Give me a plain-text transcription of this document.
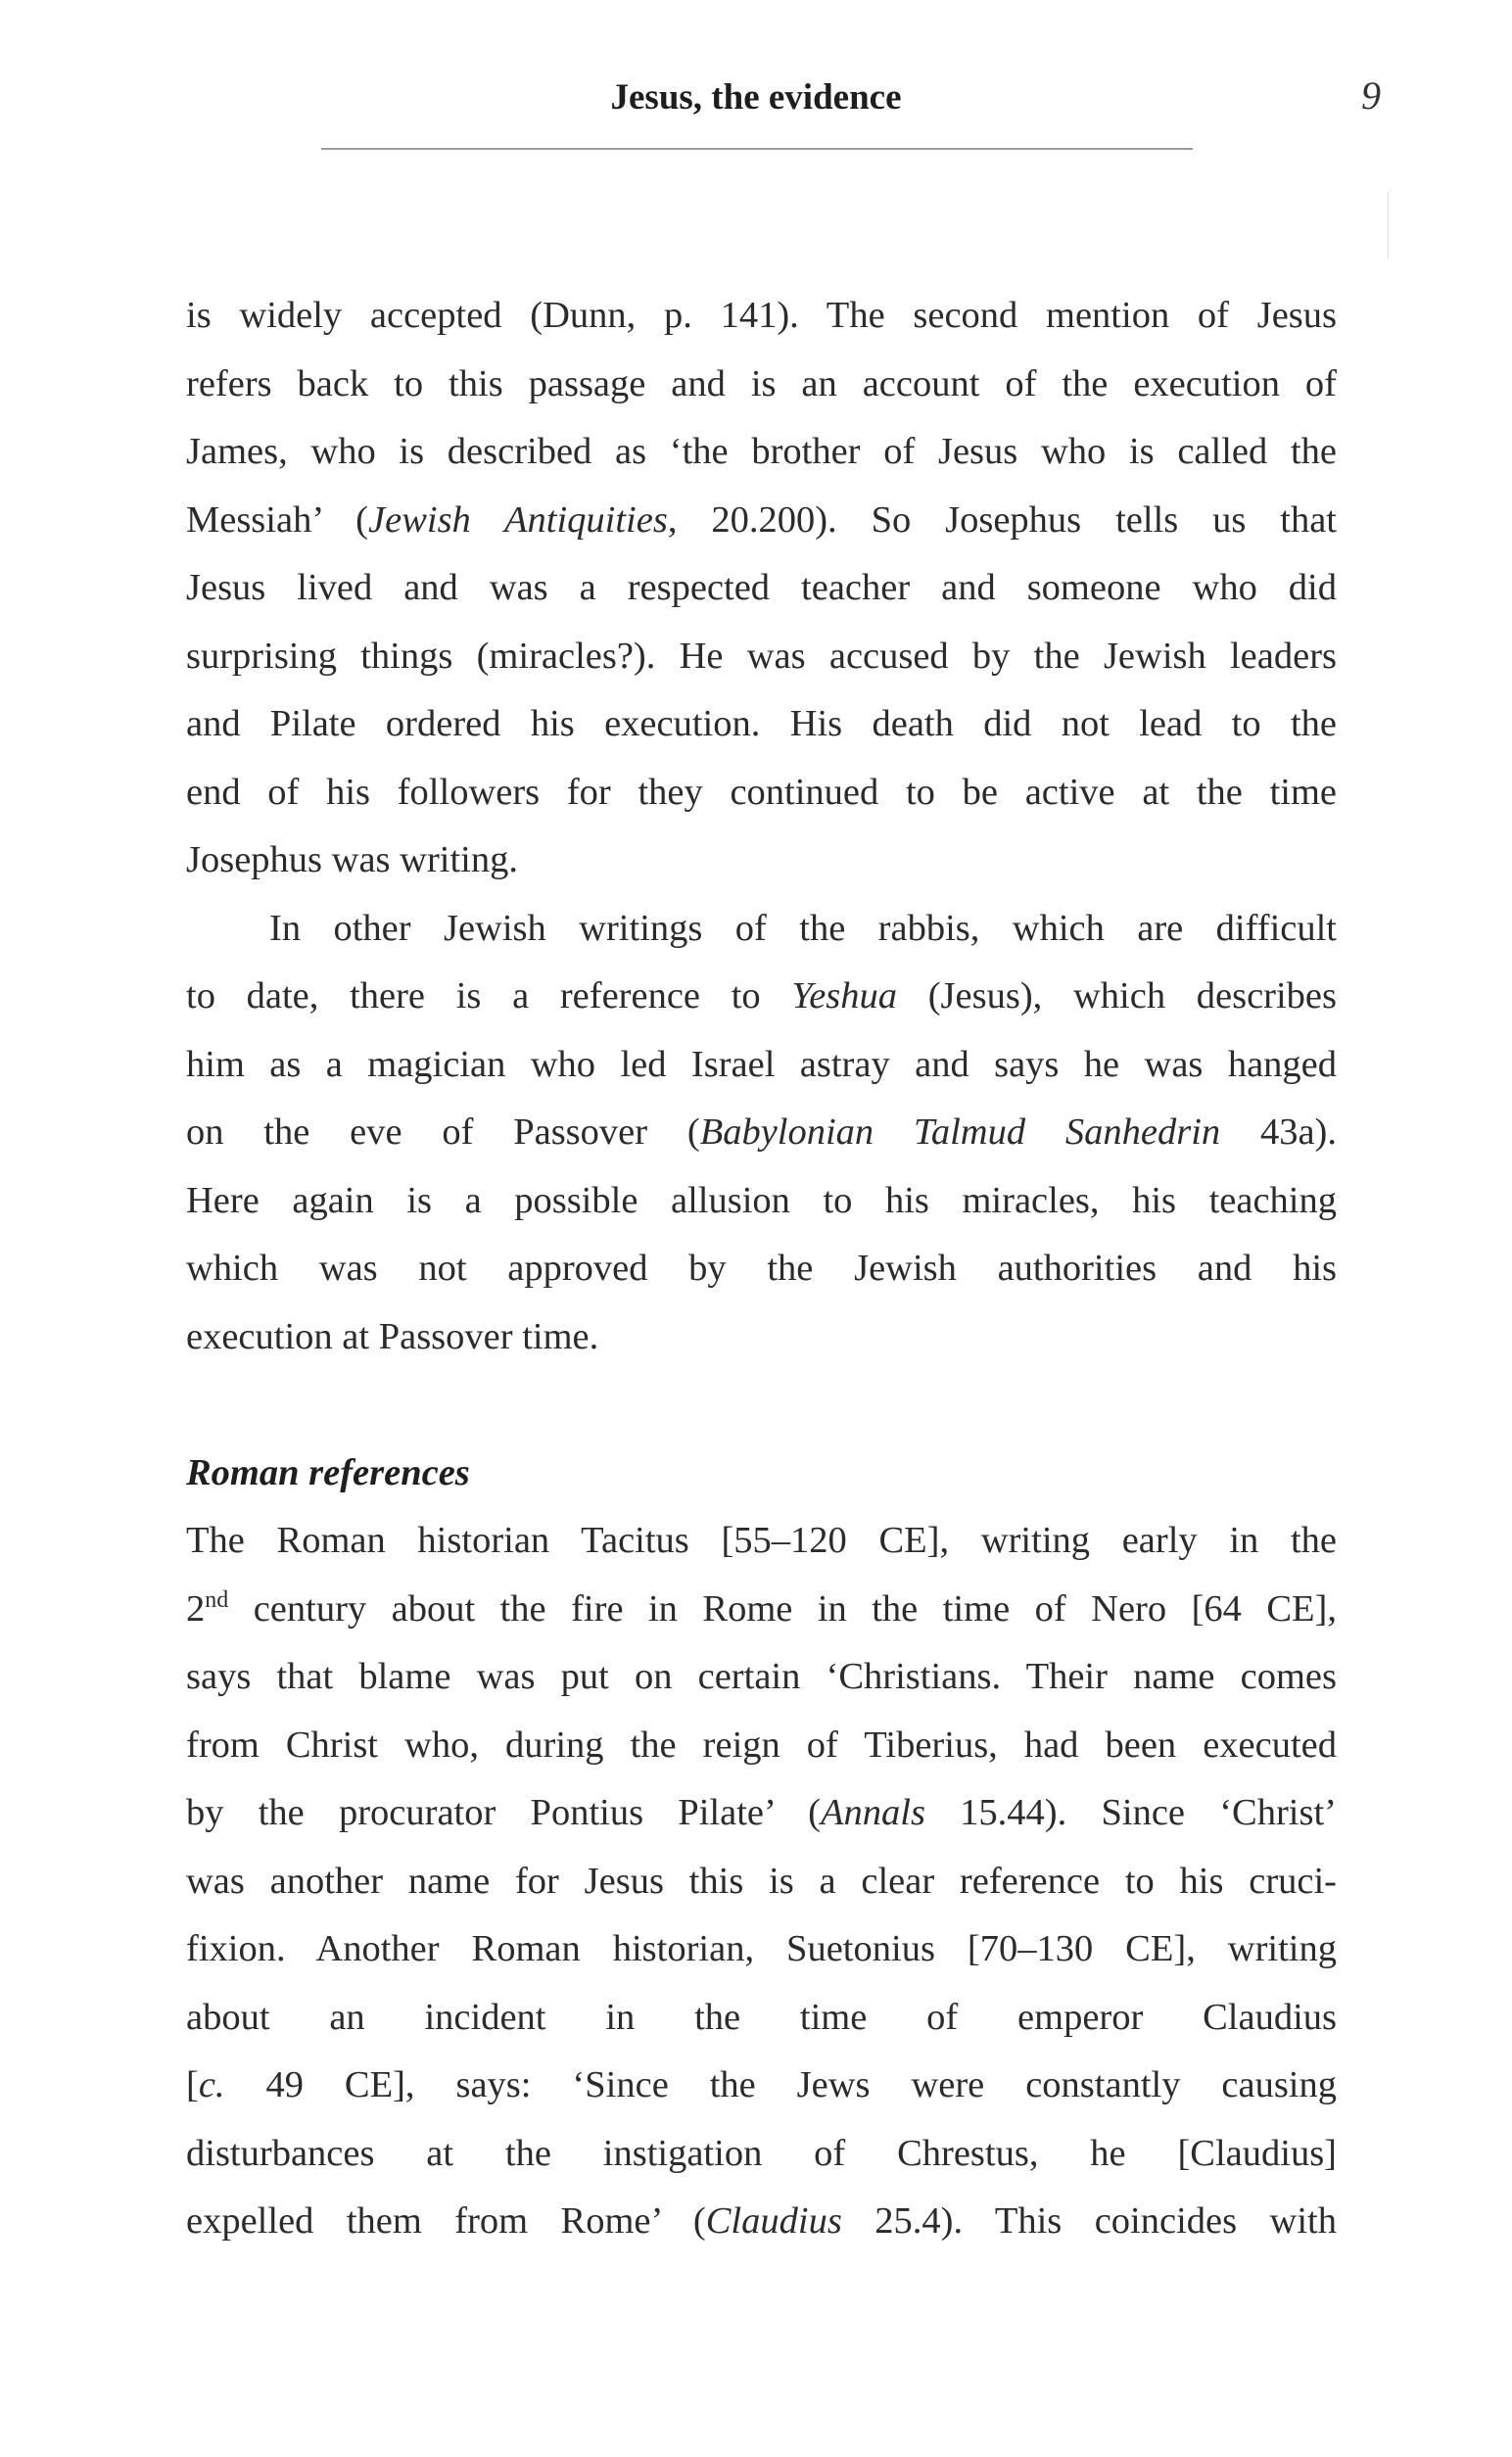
Jesus, the evidence	9
is widely accepted (Dunn, p. 141). The second mention of Jesus
refers back to this passage and is an account of the execution of
James, who is described as ‘the brother of Jesus who is called the
Messiah’ (Jewish Antiquities, 20.200). So Josephus tells us that
Jesus lived and was a respected teacher and someone who did
surprising things (miracles?). He was accused by the Jewish leaders
and Pilate ordered his execution. His death did not lead to the
end of his followers for they continued to be active at the time
Josephus was writing.
In other Jewish writings of the rabbis, which are difficult
to date, there is a reference to Yeshua (Jesus), which describes
him as a magician who led Israel astray and says he was hanged
on the eve of Passover (Babylonian Talmud Sanhedrin 43a).
Here again is a possible allusion to his miracles, his teaching
which was not approved by the Jewish authorities and his
execution at Passover time.
Roman references
The Roman historian Tacitus [55–120 CE], writing early in the
2nd century about the fire in Rome in the time of Nero [64 CE],
says that blame was put on certain ‘Christians. Their name comes
from Christ who, during the reign of Tiberius, had been executed
by the procurator Pontius Pilate’ (Annals 15.44). Since ‘Christ’
was another name for Jesus this is a clear reference to his cruci-
fixion. Another Roman historian, Suetonius [70–130 CE], writing
about an incident in the time of emperor Claudius
[c. 49 CE], says: ‘Since the Jews were constantly causing
disturbances at the instigation of Chrestus, he [Claudius]
expelled them from Rome’ (Claudius 25.4). This coincides with
